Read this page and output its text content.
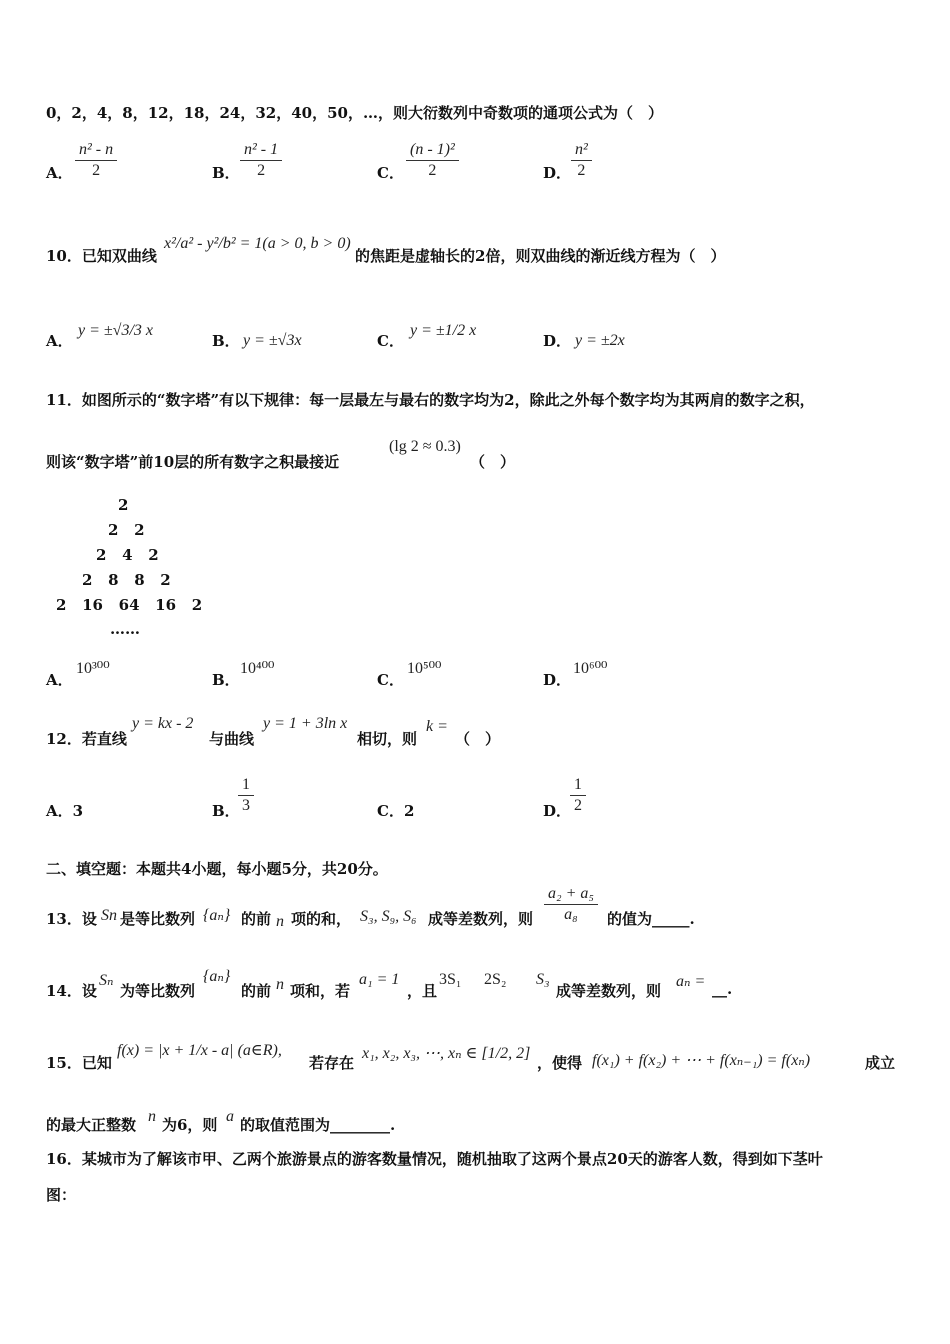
0，2，4，8，12，18，24，32，40，50，…，则大衍数列中奇数项的通项公式为（　）
A． $\frac{\text{n² - n}}{2}$	B． $\frac{\text{n² - 1}}{2}$	C． $\frac{\text{(n - 1)²}}{2}$	D． $\frac{\text{n²}}{2}$
10．已知双曲线
x²/a² - y²/b² = 1(a > 0, b > 0)
的焦距是虚轴长的2倍，则双曲线的渐近线方程为（　）
A．
y = ±√3/3 x
B． y = ±√3x	C．
y = ±1/2 x
D． y = ±2x
11．如图所示的“数字塔”有以下规律：每一层最左与最右的数字均为2，除此之外每个数字均为其两肩的数字之积，
则该“数字塔”前10层的所有数字之积最接近
(lg 2 ≈ 0.3)
（　）
2
2   2
2   4   2
2   8   8   2
2   16   64   16   2
……
A．
10³⁰⁰
B．
10⁴⁰⁰
C．
10⁵⁰⁰
D．
10⁶⁰⁰
12．若直线
y = kx - 2
与曲线
y = 1 + 3ln x
相切，则
k =
（　）
A．3	B．
$\frac{1}{3}$	C．2	D．
$\frac{1}{2}$
二、填空题：本题共4小题，每小题5分，共20分。
13．设 Sn 是等比数列 {aₙ} 的前 n 项的和， S₃, S₉, S₆ 成等差数列，则 $\frac{\text{a₂ + a₅}}{\text{a₈}}$ 的值为_____.
14．设
Sₙ
为等比数列
{aₙ}
的前 n 项和，若
a₁ = 1
，且
3S₁ 2S₂ S₃
成等差数列，则
aₙ = __.
15．已知
f(x) = |x + 1/x - a| (a∈R),
若存在
x₁, x₂, x₃, ⋯, xₙ ∈ [1/2, 2]
，使得 f(x₁) + f(x₂) + ⋯ + f(xₙ₋₁) = f(xₙ)	成立
的最大正整数 n 为6，则 a 的取值范围为________.
16．某城市为了解该市甲、乙两个旅游景点的游客数量情况，随机抽取了这两个景点20天的游客人数，得到如下茎叶
图：
